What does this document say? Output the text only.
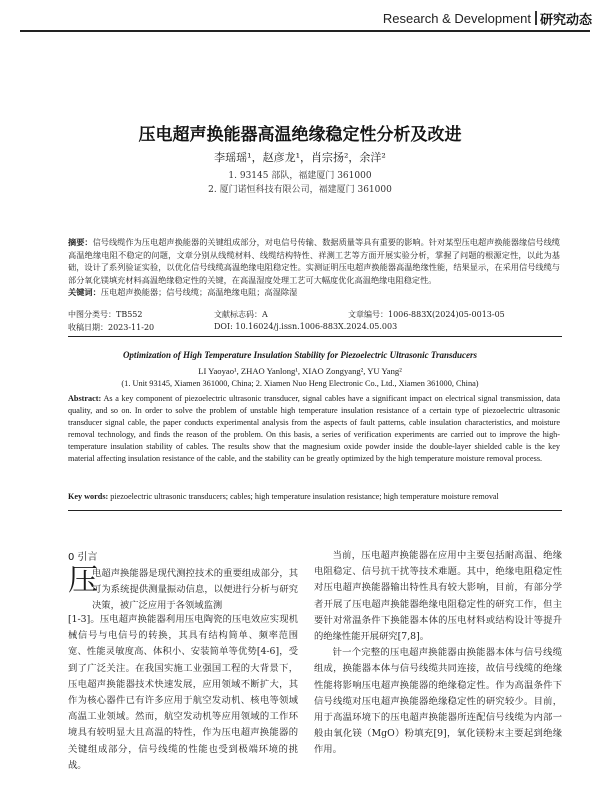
Research & Development 研究动态
压电超声换能器高温绝缘稳定性分析及改进
李瑶瑶¹，赵彦龙¹，肖宗扬²，余洋²
1. 93145 部队，福建厦门 361000
2. 厦门诺恒科技有限公司，福建厦门 361000
摘要：信号线缆作为压电超声换能器的关键组成部分，对电信号传输、数据质量等具有重要的影响。针对某型压电超声换能器缘信号线缆高温绝缘电阻不稳定的问题，文章分别从线缆材料、线缆结构特性、祥测工艺等方面开展实验分析，掌握了问题的根源定性，以此为基础，设计了系列验证实验，以优化信号线缆高温绝缘电阻稳定性。实测证明压电超声换能器高温绝缘性能，结果显示，在采用信号线缆与部分氧化镁填充材料高温绝缘稳定性的关键，在高温湿度处理工艺可大幅度优化高温绝缘电阻稳定性。
关键词：压电超声换能器；信号线缆；高温绝缘电阻；高湿除湿
中图分类号：TB552	文献标志码：A	文章编号：1006-883X(2024)05-0013-05
收稿日期：2023-11-20	DOI: 10.16024/j.issn.1006-883X.2024.05.003
Optimization of High Temperature Insulation Stability for Piezoelectric Ultrasonic Transducers
LI Yaoyao¹, ZHAO Yanlong¹, XIAO Zongyang², YU Yang²
(1. Unit 93145, Xiamen 361000, China; 2. Xiamen Nuo Heng Electronic Co., Ltd., Xiamen 361000, China)
Abstract: As a key component of piezoelectric ultrasonic transducer, signal cables have a significant impact on electrical signal transmission, data quality, and so on. In order to solve the problem of unstable high temperature insulation resistance of a certain type of piezoelectric ultrasonic transducer signal cable, the paper conducts experimental analysis from the aspects of fault patterns, cable insulation characteristics, and moisture removal technology, and finds the reason of the problem. On this basis, a series of verification experiments are carried out to improve the high-temperature insulation stability of cables. The results show that the magnesium oxide powder inside the double-layer shielded cable is the key material affecting insulation resistance of the cable, and the stability can be greatly optimized by the high temperature moisture removal process.
Key words: piezoelectric ultrasonic transducers; cables; high temperature insulation resistance; high temperature moisture removal
0 引言
压
电超声换能器是现代测控技术的重要组成部分，其可为系统提供测量振动信息，以便进行分析与研究决策，被广泛应用于各领域监测
[1-3]。压电超声换能器利用压电陶瓷的压电效应实现机械信号与电信号的转换，其具有结构简单、频率范围宽、性能灵敏度高、体积小、安装简单等优势[4-6]，受到了广泛关注。在我国实施工业强国工程的大背景下，压电超声换能器技术快速发展，应用领域不断扩大，其作为核心器件已有许多应用于航空发动机、核电等领域高温工业领域。然而，航空发动机等应用领域的工作环境具有较明显大且高温的特性，作为压电超声换能器的关键组成部分，信号线缆的性能也受到极端环境的挑战。

当前，压电超声换能器在应用中主要包括耐高温、绝缘电阻稳定、信号抗干扰等技术难题。其中，绝缘电阻稳定性对压电超声换能器输出特性具有较大影响，目前，有部分学者开展了压电超声换能器绝缘电阻稳定性的研究工作，但主要针对常温条件下换能器本体的压电材料或结构设计等提升的绝缘性能开展研究[7,8]。

针一个完整的压电超声换能器由换能器本体与信号线缆组成，换能器本体与信号线缆共同连接，故信号线缆的绝缘性能将影响压电超声换能器的绝缘稳定性。作为高温条件下信号线缆对压电超声换能器绝缘稳定性的研究较少。目前，用于高温环境下的压电超声换能器所连配信号线缆为内部一般由氧化镁（MgO）粉填充[9]，氧化镁粉末主要起到绝缘作用。
